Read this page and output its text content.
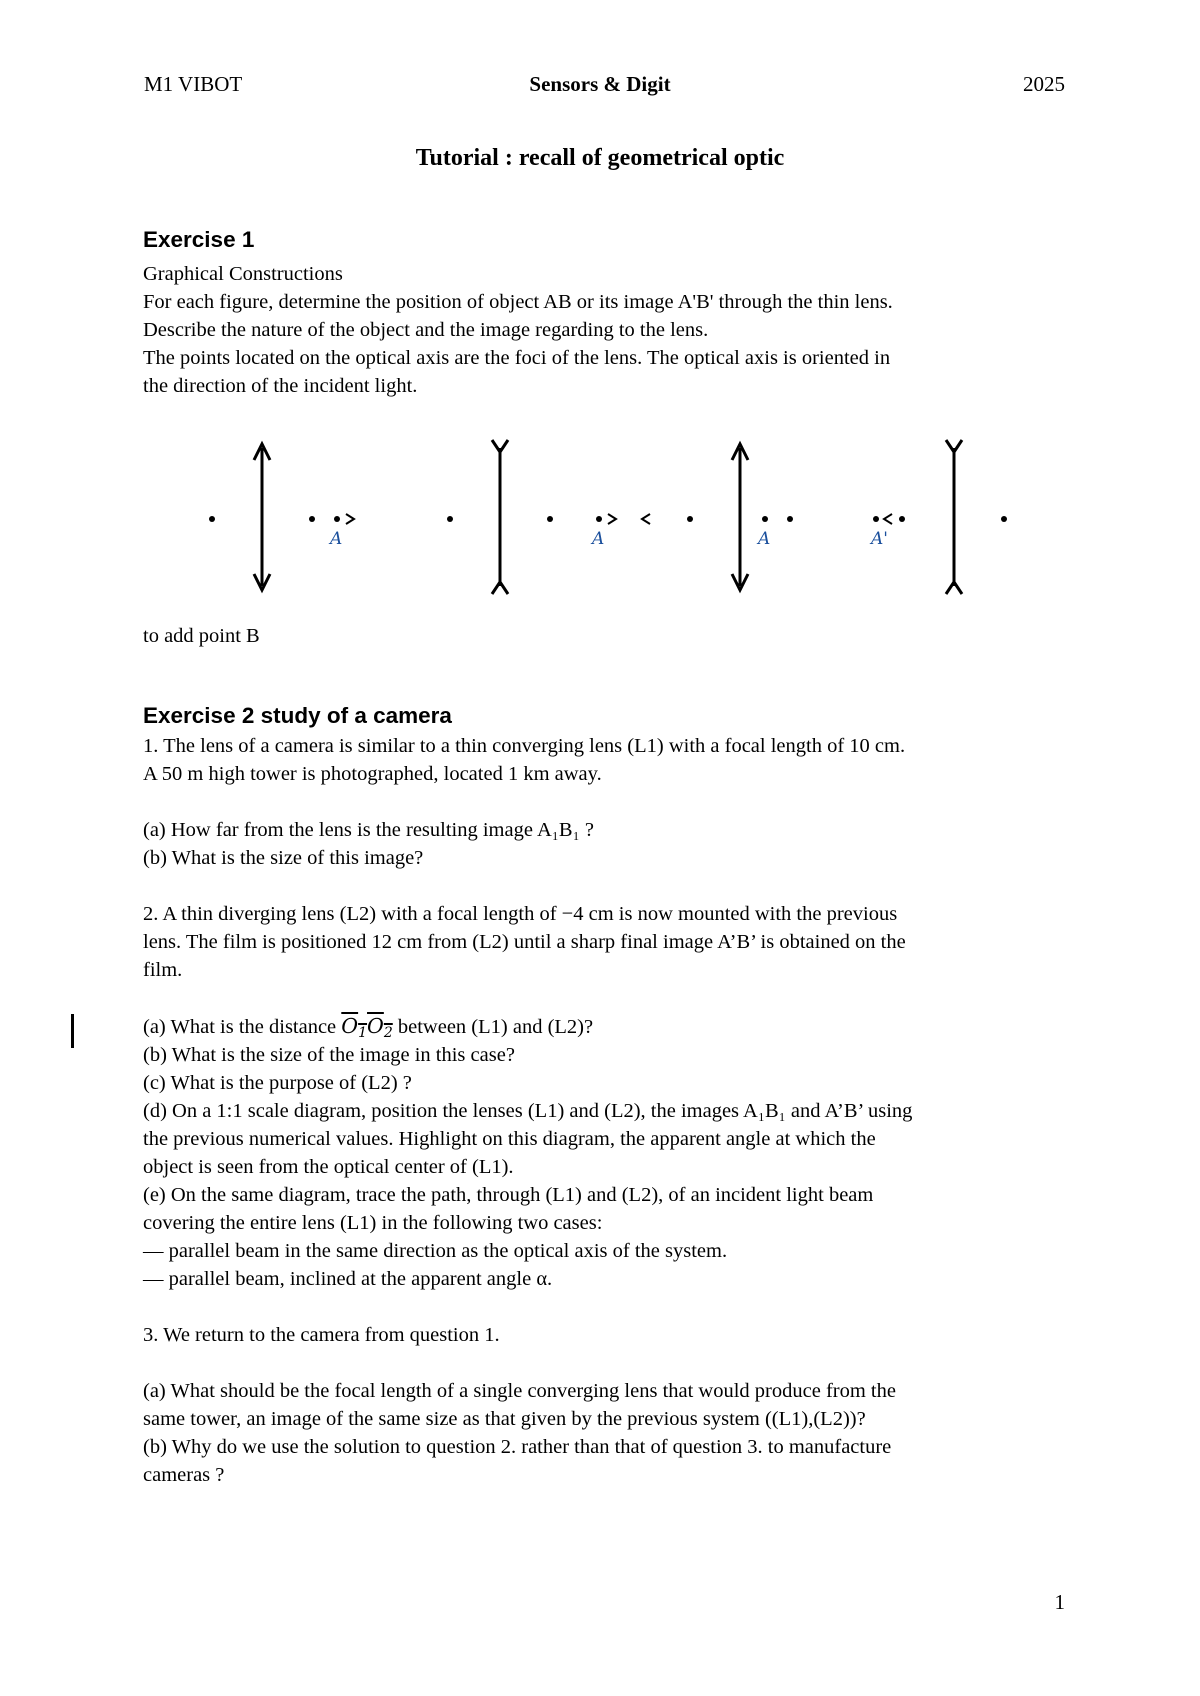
M1 VIBOT	Sensors & Digit	2025
Tutorial : recall of geometrical optic

Exercise 1

Graphical Constructions

For each figure, determine the position of object AB or its image A'B' through the thin lens.

Describe the nature of the object and the image regarding to the lens.

The points located on the optical axis are the foci of the lens. The optical axis is oriented in

the direction of the incident light.

A	A	A	A'

to add point B

Exercise 2 study of a camera

1. The lens of a camera is similar to a thin converging lens (L1) with a focal length of 10 cm.

A 50 m high tower is photographed, located 1 km away.

(a) How far from the lens is the resulting image A₁B₁ ?

(b) What is the size of this image?

2. A thin diverging lens (L2) with a focal length of −4 cm is now mounted with the previous

lens. The film is positioned 12 cm from (L2) until a sharp final image A’B’ is obtained on the

film.

(a) What is the distance $O_1O_2$ between (L1) and (L2)?

(b) What is the size of the image in this case?

(c) What is the purpose of (L2) ?

(d) On a 1:1 scale diagram, position the lenses (L1) and (L2), the images A₁B₁ and A’B’ using

the previous numerical values. Highlight on this diagram, the apparent angle at which the

object is seen from the optical center of (L1).

(e) On the same diagram, trace the path, through (L1) and (L2), of an incident light beam

covering the entire lens (L1) in the following two cases:

— parallel beam in the same direction as the optical axis of the system.

— parallel beam, inclined at the apparent angle α.

3. We return to the camera from question 1.

(a) What should be the focal length of a single converging lens that would produce from the

same tower, an image of the same size as that given by the previous system ((L1),(L2))?

(b) Why do we use the solution to question 2. rather than that of question 3. to manufacture

cameras ?

1
